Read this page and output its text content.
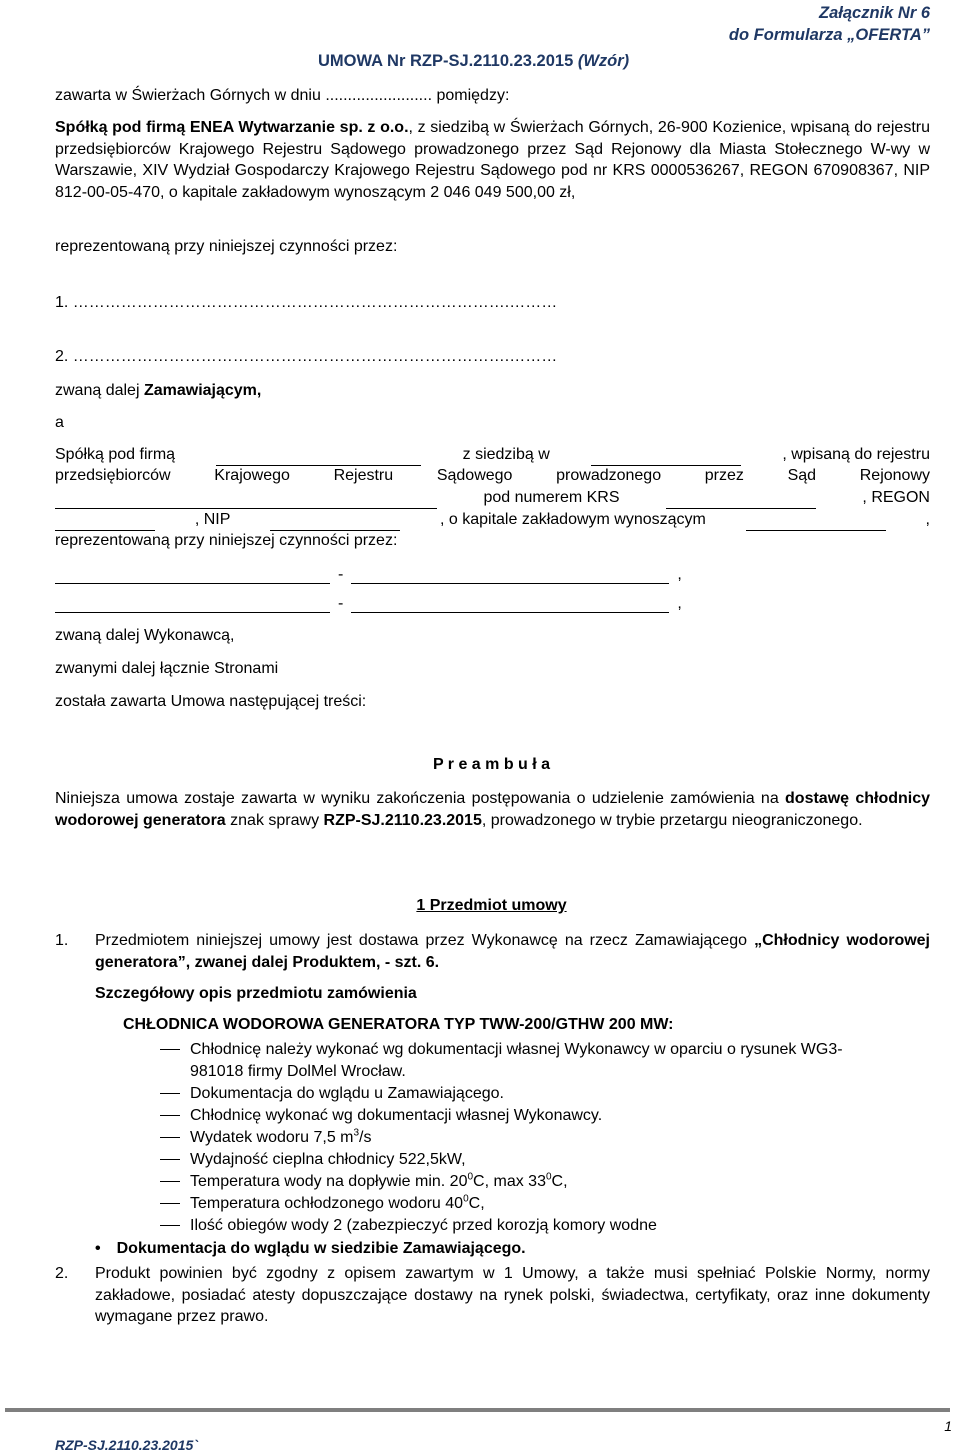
Załącznik Nr 6
do Formularza „OFERTA”
UMOWA Nr RZP-SJ.2110.23.2015 (Wzór)
zawarta w Świerżach Górnych w dniu ........................ pomiędzy:
Spółką pod firmą ENEA Wytwarzanie sp. z o.o., z siedzibą w Świerżach Górnych, 26-900 Kozienice, wpisaną do rejestru przedsiębiorców Krajowego Rejestru Sądowego prowadzonego przez Sąd Rejonowy dla Miasta Stołecznego W-wy w Warszawie, XIV Wydział Gospodarczy Krajowego Rejestru Sądowego pod nr KRS 0000536267, REGON 670908367, NIP 812-00-05-470, o kapitale zakładowym wynoszącym 2 046 049 500,00 zł,
reprezentowaną przy niniejszej czynności przez:
1. ……………………………………………………………………….………
2. ……………………………………………………………………….………
zwaną dalej Zamawiającym,
a
Spółką pod firmą	z siedzibą w	, wpisaną do rejestru
przedsiębiorców Krajowego Rejestru Sądowego prowadzonego przez Sąd Rejonowy
pod numerem KRS	, REGON
, NIP	, o kapitale zakładowym wynoszącym	,
reprezentowaną przy niniejszej czynności przez:
-	,
-	,
zwaną dalej Wykonawcą,
zwanymi dalej łącznie Stronami
została zawarta Umowa następującej treści:
P r e a m b u ł a
Niniejsza umowa zostaje zawarta w wyniku zakończenia postępowania o udzielenie zamówienia na dostawę chłodnicy wodorowej generatora znak sprawy RZP-SJ.2110.23.2015, prowadzonego w trybie przetargu nieograniczonego.
1 Przedmiot umowy
1. Przedmiotem niniejszej umowy jest dostawa przez Wykonawcę na rzecz Zamawiającego „Chłodnicy wodorowej generatora”, zwanej dalej Produktem, - szt. 6.
Szczegółowy opis przedmiotu zamówienia
CHŁODNICA WODOROWA GENERATORA TYP TWW-200/GTHW 200 MW:
Chłodnicę należy wykonać wg dokumentacji własnej Wykonawcy w oparciu o rysunek WG3-981018 firmy DolMel Wrocław.
Dokumentacja do wglądu u Zamawiającego.
Chłodnicę wykonać wg dokumentacji własnej Wykonawcy.
Wydatek wodoru 7,5 $m^3/s$
Wydajność cieplna chłodnicy 522,5kW,
Temperatura wody na dopływie min. $20^0C$, $\max 33^0C$,
Temperatura ochłodzonego wodoru $40^0C$,
Ilość obiegów wody 2 (zabezpieczyć przed korozją komory wodne
• Dokumentacja do wglądu w siedzibie Zamawiającego.
2. Produkt powinien być zgodny z opisem zawartym w 1 Umowy, a także musi spełniać Polskie Normy, normy zakładowe, posiadać atesty dopuszczające dostawy na rynek polski, świadectwa, certyfikaty, oraz inne dokumenty wymagane przez prawo.
RZP-SJ.2110.23.2015`
1
